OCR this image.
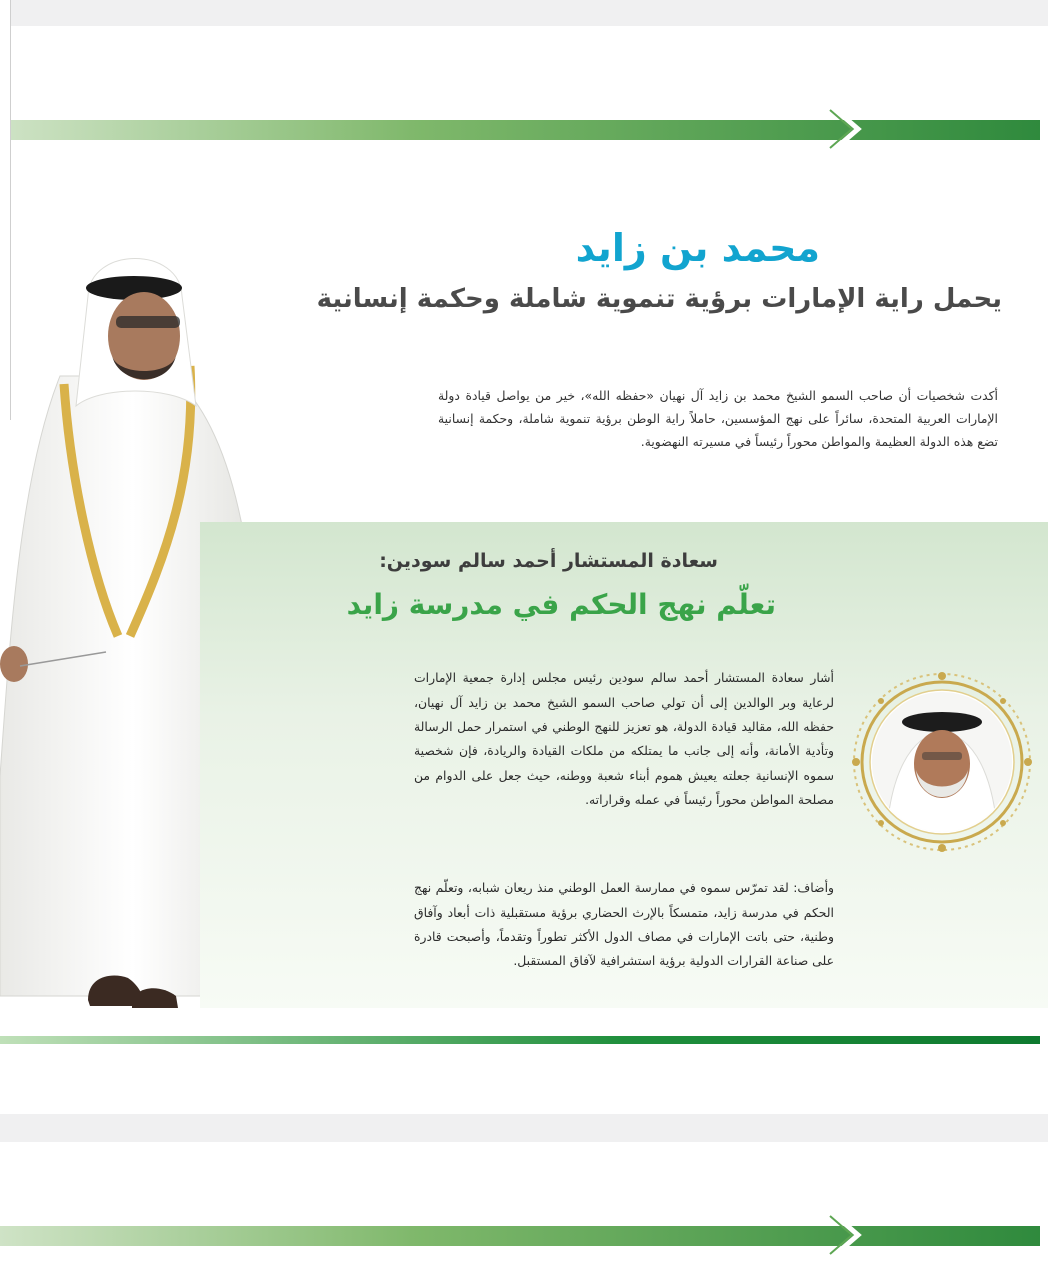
محمد بن زايد
يحمل راية الإمارات برؤية تنموية شاملة وحكمة إنسانية

أكدت شخصيات أن صاحب السمو الشيخ محمد بن زايد آل نهيان «حفظه الله»، خير من يواصل قيادة دولة الإمارات العربية المتحدة، سائراً على نهج المؤسسين، حاملاً راية الوطن برؤية تنموية شاملة، وحكمة إنسانية تضع هذه الدولة العظيمة والمواطن محوراً رئيساً في مسيرته النهضوية.

سعادة المستشار أحمد سالم سودين:
تعلّم نهج الحكم في مدرسة زايد

أشار سعادة المستشار أحمد سالم سودين رئيس مجلس إدارة جمعية الإمارات لرعاية وبر الوالدين إلى أن تولي صاحب السمو الشيخ محمد بن زايد آل نهيان، حفظه الله، مقاليد قيادة الدولة، هو تعزيز للنهج الوطني في استمرار حمل الرسالة وتأدية الأمانة، وأنه إلى جانب ما يمتلكه من ملكات القيادة والريادة، فإن شخصية سموه الإنسانية جعلته يعيش هموم أبناء شعبة ووطنه، حيث جعل على الدوام من مصلحة المواطن محوراً رئيساً في عمله وقراراته.

وأضاف: لقد تمرّس سموه في ممارسة العمل الوطني منذ ريعان شبابه، وتعلّم نهج الحكم في مدرسة زايد، متمسكاً بالإرث الحضاري برؤية مستقبلية ذات أبعاد وآفاق وطنية، حتى باتت الإمارات في مصاف الدول الأكثر تطوراً وتقدماً، وأصبحت قادرة على صناعة القرارات الدولية برؤية استشرافية لآفاق المستقبل.
